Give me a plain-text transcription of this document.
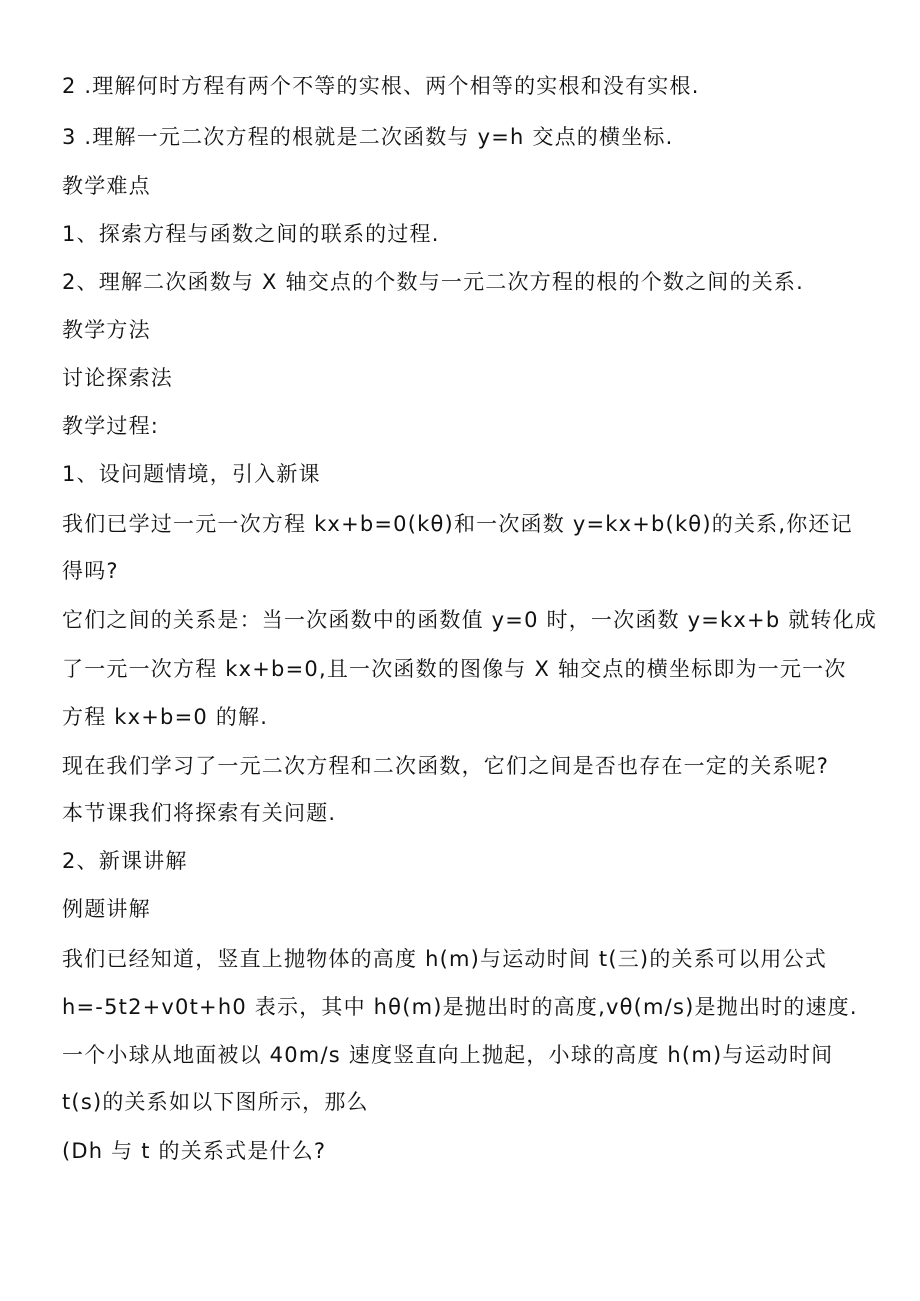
2 .理解何时方程有两个不等的实根、两个相等的实根和没有实根.
3 .理解一元二次方程的根就是二次函数与 y=h 交点的横坐标.
教学难点
1、探索方程与函数之间的联系的过程.
2、理解二次函数与 X 轴交点的个数与一元二次方程的根的个数之间的关系.
教学方法
讨论探索法
教学过程:
1、设问题情境，引入新课
我们已学过一元一次方程 kx+b=0(kθ)和一次函数 y=kx+b(kθ)的关系,你还记
得吗?
它们之间的关系是：当一次函数中的函数值 y=0 时，一次函数 y=kx+b 就转化成
了一元一次方程 kx+b=0,且一次函数的图像与 X 轴交点的横坐标即为一元一次
方程 kx+b=0 的解.
现在我们学习了一元二次方程和二次函数，它们之间是否也存在一定的关系呢?
本节课我们将探索有关问题.
2、新课讲解
例题讲解
我们已经知道，竖直上抛物体的高度 h(m)与运动时间 t(三)的关系可以用公式
h=-5t2+v0t+h0 表示，其中 hθ(m)是抛出时的高度,vθ(m/s)是抛出时的速度.
一个小球从地面被以 40m/s 速度竖直向上抛起，小球的高度 h(m)与运动时间
t(s)的关系如以下图所示，那么
(Dh 与 t 的关系式是什么?
